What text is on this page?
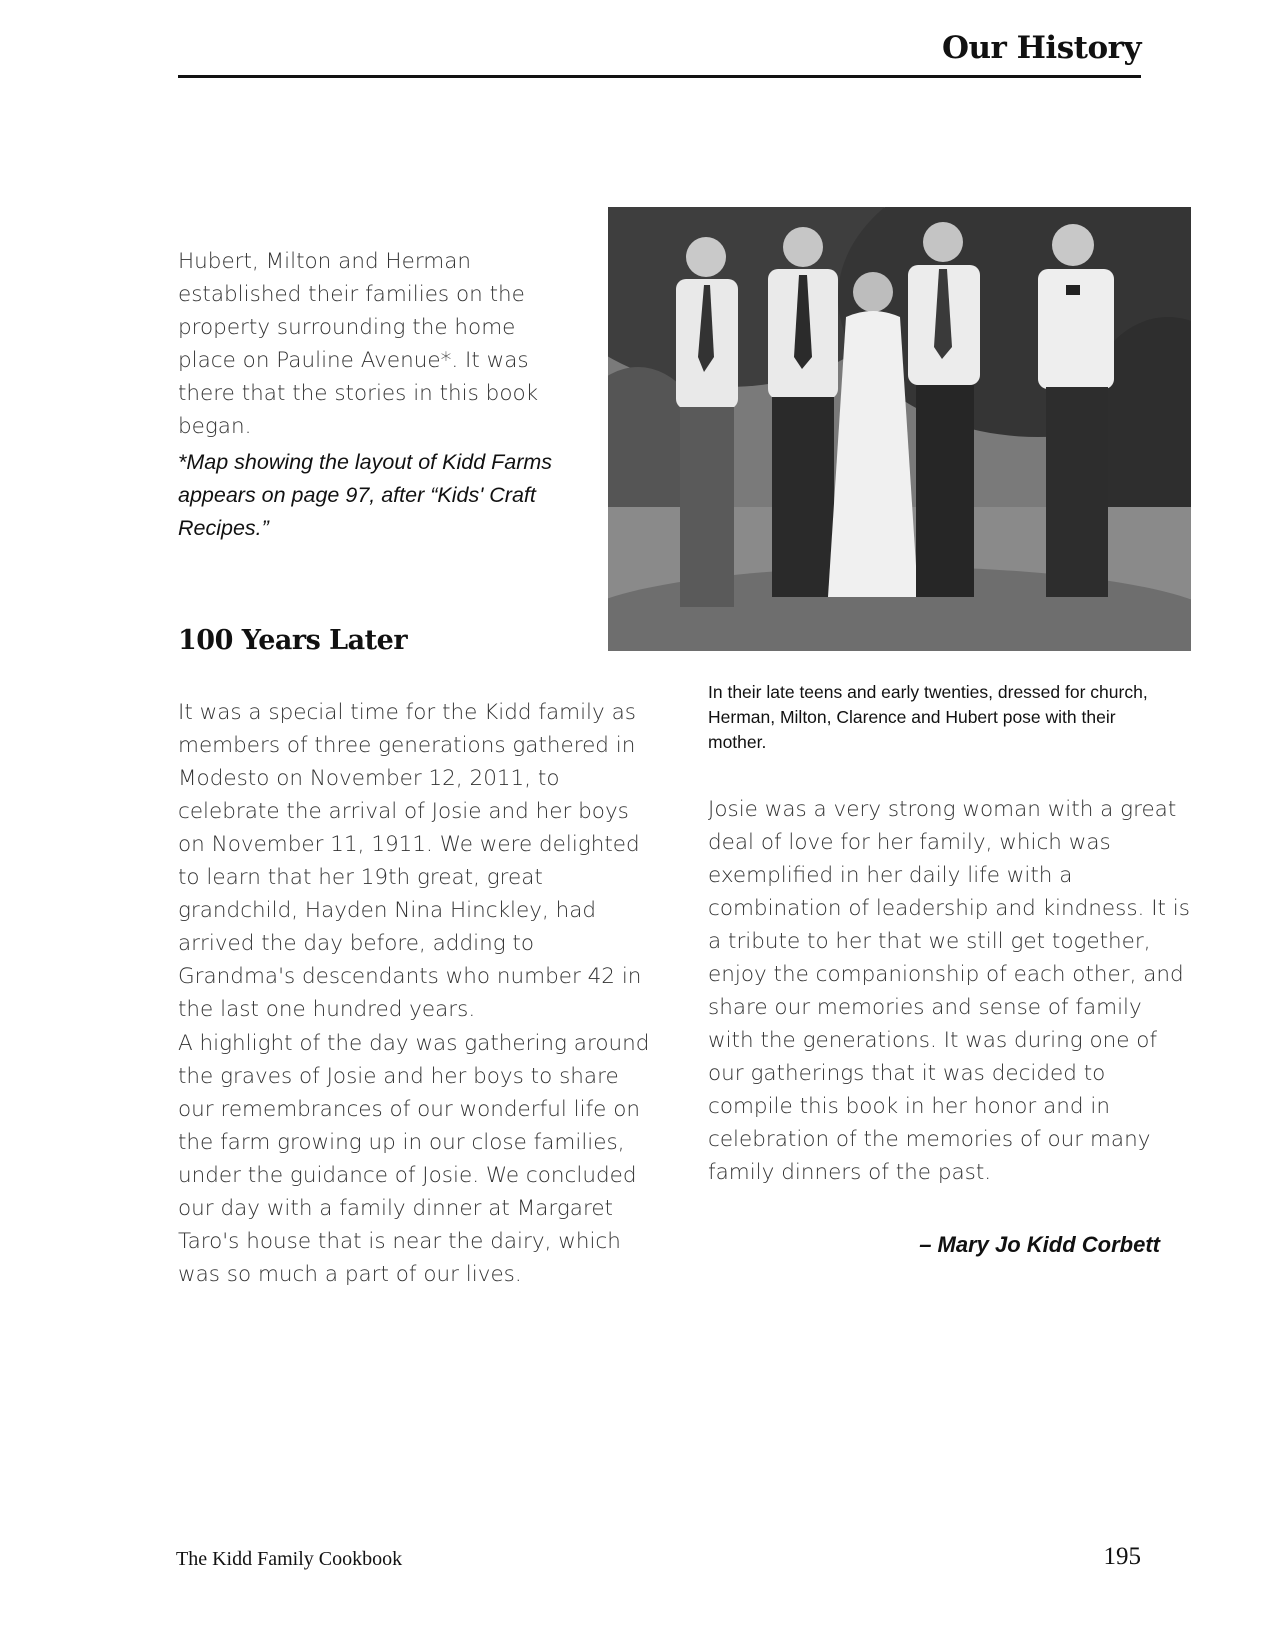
Our History

Hubert, Milton and Herman established their families on the property surrounding the home place on Pauline Avenue*. It was there that the stories in this book began.

*Map showing the layout of Kidd Farms appears on page 97, after “Kids' Craft Recipes.”

In their late teens and early twenties, dressed for church, Herman, Milton, Clarence and Hubert pose with their mother.

100 Years Later

It was a special time for the Kidd family as members of three generations gathered in Modesto on November 12, 2011, to celebrate the arrival of Josie and her boys on November 11, 1911. We were delighted to learn that her 19th great, great grandchild, Hayden Nina Hinckley, had arrived the day before, adding to Grandma's descendants who number 42 in the last one hundred years.

A highlight of the day was gathering around the graves of Josie and her boys to share our remembrances of our wonderful life on the farm growing up in our close families, under the guidance of Josie. We concluded our day with a family dinner at Margaret Taro's house that is near the dairy, which was so much a part of our lives.

Josie was a very strong woman with a great deal of love for her family, which was exemplified in her daily life with a combination of leadership and kindness. It is a tribute to her that we still get together, enjoy the companionship of each other, and share our memories and sense of family with the generations. It was during one of our gatherings that it was decided to compile this book in her honor and in celebration of the memories of our many family dinners of the past.

– Mary Jo Kidd Corbett

The Kidd Family Cookbook	195
